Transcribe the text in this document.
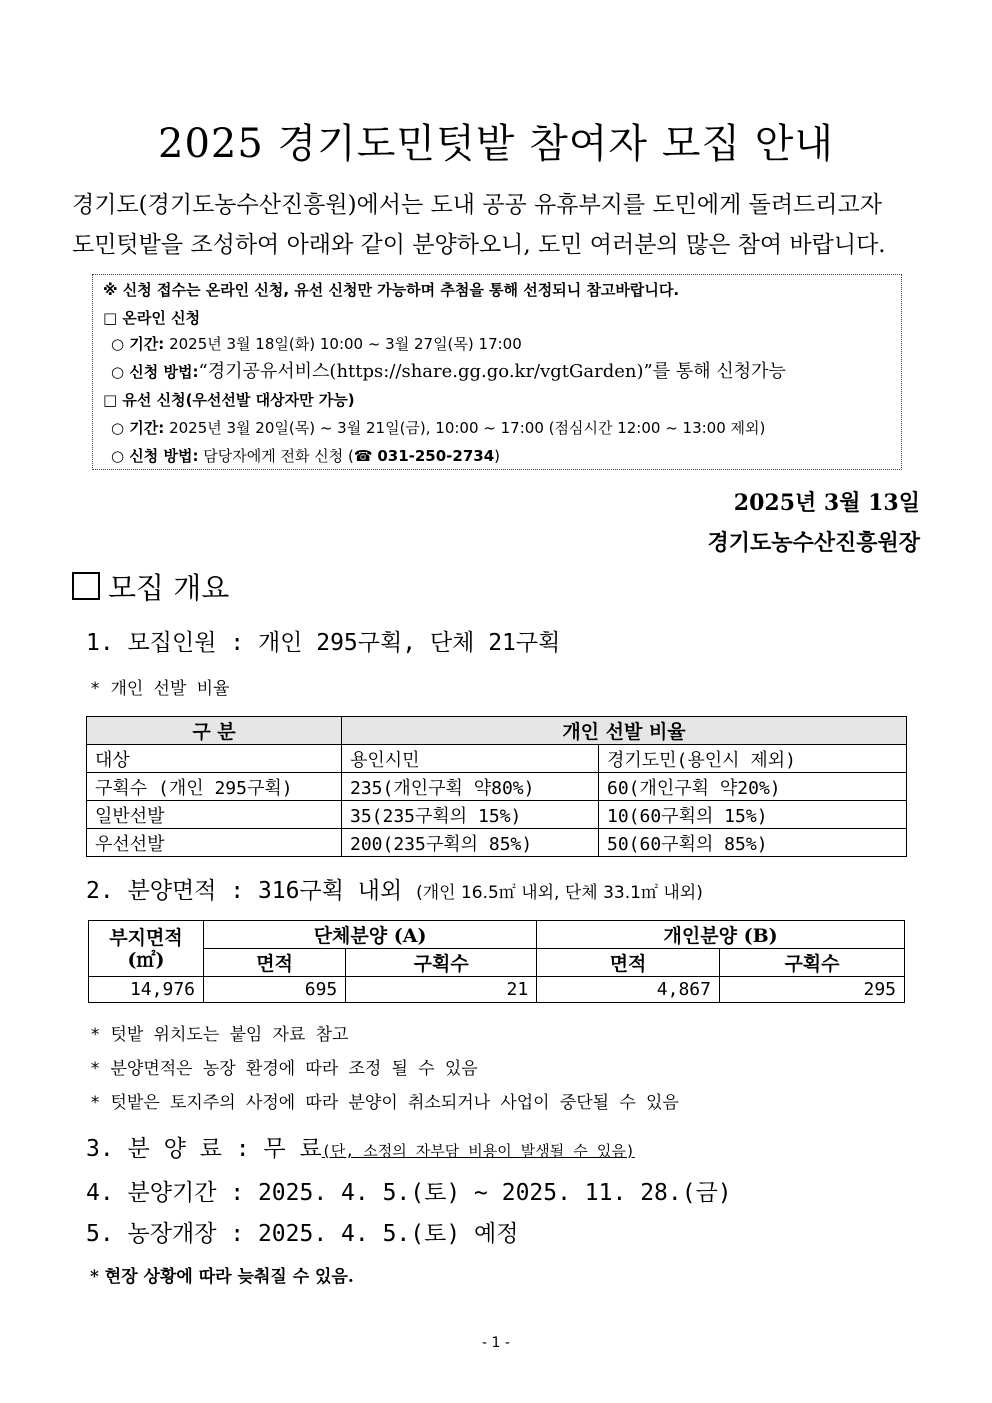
2025 경기도민텃밭 참여자 모집 안내
경기도(경기도농수산진흥원)에서는 도내 공공 유휴부지를 도민에게 돌려드리고자
도민텃밭을 조성하여 아래와 같이 분양하오니, 도민 여러분의 많은 참여 바랍니다.
※ 신청 접수는 온라인 신청, 유선 신청만 가능하며 추첨을 통해 선정되니 참고바랍니다.
□ 온라인 신청
○ 기간: 2025년 3월 18일(화) 10:00 ~ 3월 27일(목) 17:00
○ 신청 방법:“경기공유서비스(https://share.gg.go.kr/vgtGarden)”를 통해 신청가능
□ 유선 신청(우선선발 대상자만 가능)
○ 기간: 2025년 3월 20일(목) ~ 3월 21일(금), 10:00 ~ 17:00 (점심시간 12:00 ~ 13:00 제외)
○ 신청 방법: 담당자에게 전화 신청 (☎ 031-250-2734)
2025년 3월 13일
경기도농수산진흥원장
모집 개요
1. 모집인원 : 개인 295구획, 단체 21구획
* 개인 선발 비율
구 분	개인 선발 비율	
대상	용인시민	경기도민(용인시 제외)
구획수 (개인 295구획)	235(개인구획 약80%)	60(개인구획 약20%)
일반선발	35(235구획의 15%)	10(60구획의 15%)
우선선발	200(235구획의 85%)	50(60구획의 85%)
2. 분양면적 : 316구획 내외 (개인 16.5㎡ 내외, 단체 33.1㎡ 내외)
부지면적
(㎡)	단체분양 (A)		개인분양 (B)	
	면적	구획수	면적	구획수
14,976	695	21	4,867	295
* 텃밭 위치도는 붙임 자료 참고
* 분양면적은 농장 환경에 따라 조정 될 수 있음
* 텃밭은 토지주의 사정에 따라 분양이 취소되거나 사업이 중단될 수 있음
3. 분 양 료 : 무 료(단, 소정의 자부담 비용이 발생될 수 있음)
4. 분양기간 : 2025. 4. 5.(토) ~ 2025. 11. 28.(금)
5. 농장개장 : 2025. 4. 5.(토) 예정
* 현장 상황에 따라 늦춰질 수 있음.
- 1 -
